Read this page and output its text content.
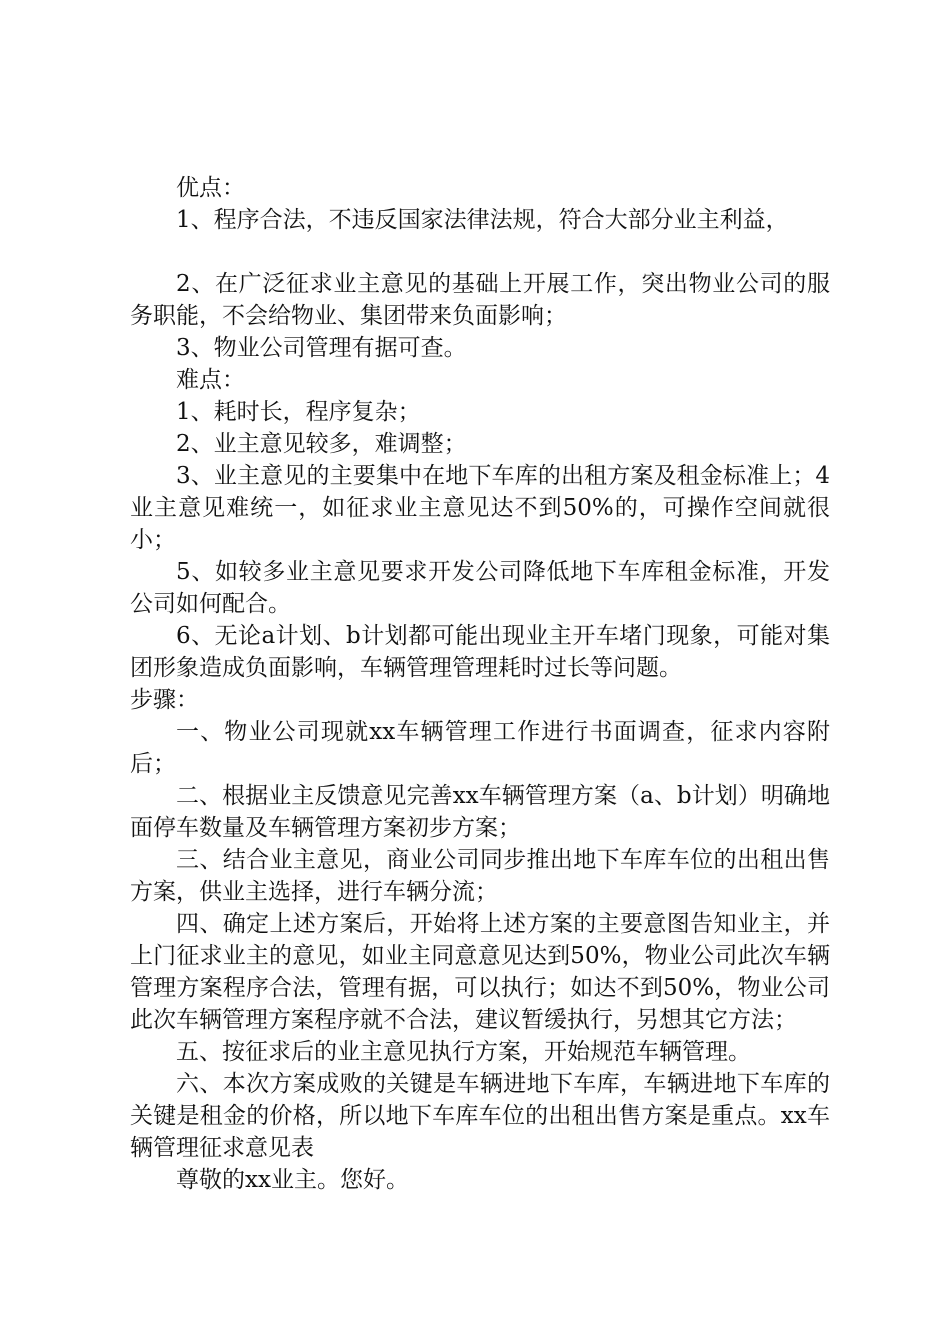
优点：

1、程序合法，不违反国家法律法规，符合大部分业主利益，

2、在广泛征求业主意见的基础上开展工作，突出物业公司的服务职能，不会给物业、集团带来负面影响；

3、物业公司管理有据可查。

难点：

1、耗时长，程序复杂；

2、业主意见较多，难调整；

3、业主意见的主要集中在地下车库的出租方案及租金标准上；4业主意见难统一，如征求业主意见达不到50%的，可操作空间就很小；

5、如较多业主意见要求开发公司降低地下车库租金标准，开发公司如何配合。

6、无论a计划、b计划都可能出现业主开车堵门现象，可能对集团形象造成负面影响，车辆管理管理耗时过长等问题。

步骤：

一、物业公司现就xx车辆管理工作进行书面调查，征求内容附后；

二、根据业主反馈意见完善xx车辆管理方案（a、b计划）明确地面停车数量及车辆管理方案初步方案；

三、结合业主意见，商业公司同步推出地下车库车位的出租出售方案，供业主选择，进行车辆分流；

四、确定上述方案后，开始将上述方案的主要意图告知业主，并上门征求业主的意见，如业主同意意见达到50%，物业公司此次车辆管理方案程序合法，管理有据，可以执行；如达不到50%，物业公司此次车辆管理方案程序就不合法，建议暂缓执行，另想其它方法；

五、按征求后的业主意见执行方案，开始规范车辆管理。

六、本次方案成败的关键是车辆进地下车库，车辆进地下车库的关键是租金的价格，所以地下车库车位的出租出售方案是重点。xx车辆管理征求意见表

尊敬的xx业主。您好。
